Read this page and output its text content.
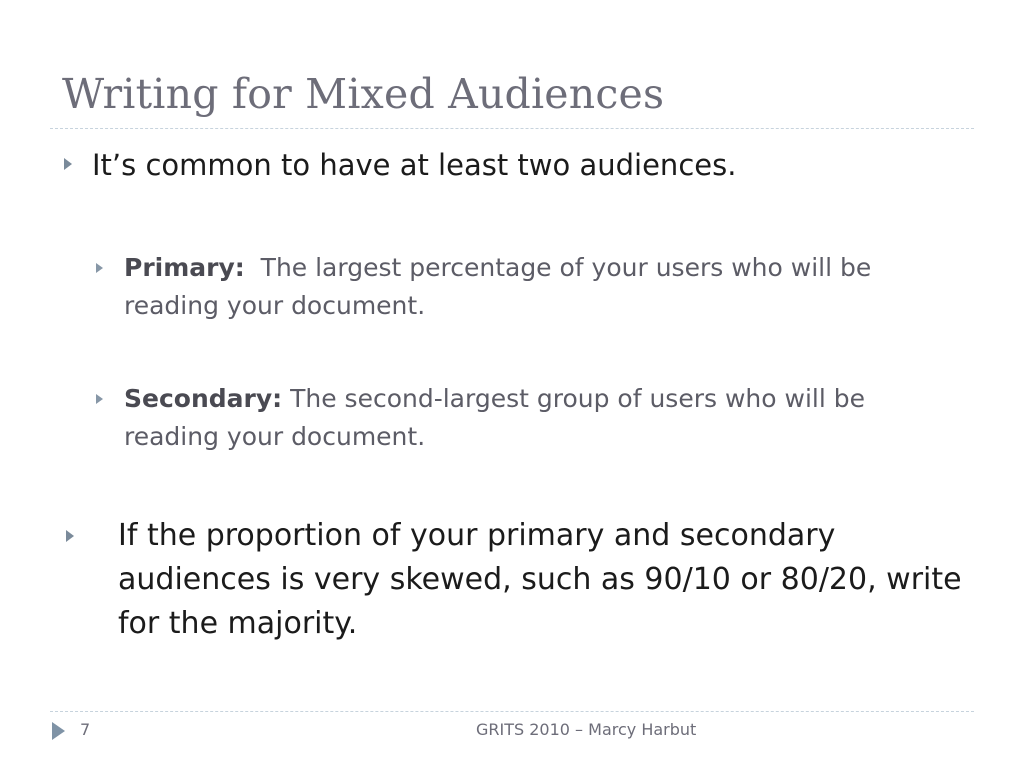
Writing for Mixed Audiences
It’s common to have at least two audiences.
Primary: The largest percentage of your users who will be reading your document.
Secondary: The second-largest group of users who will be reading your document.
If the proportion of your primary and secondary audiences is very skewed, such as 90/10 or 80/20, write for the majority.
7	GRITS 2010 – Marcy Harbut
